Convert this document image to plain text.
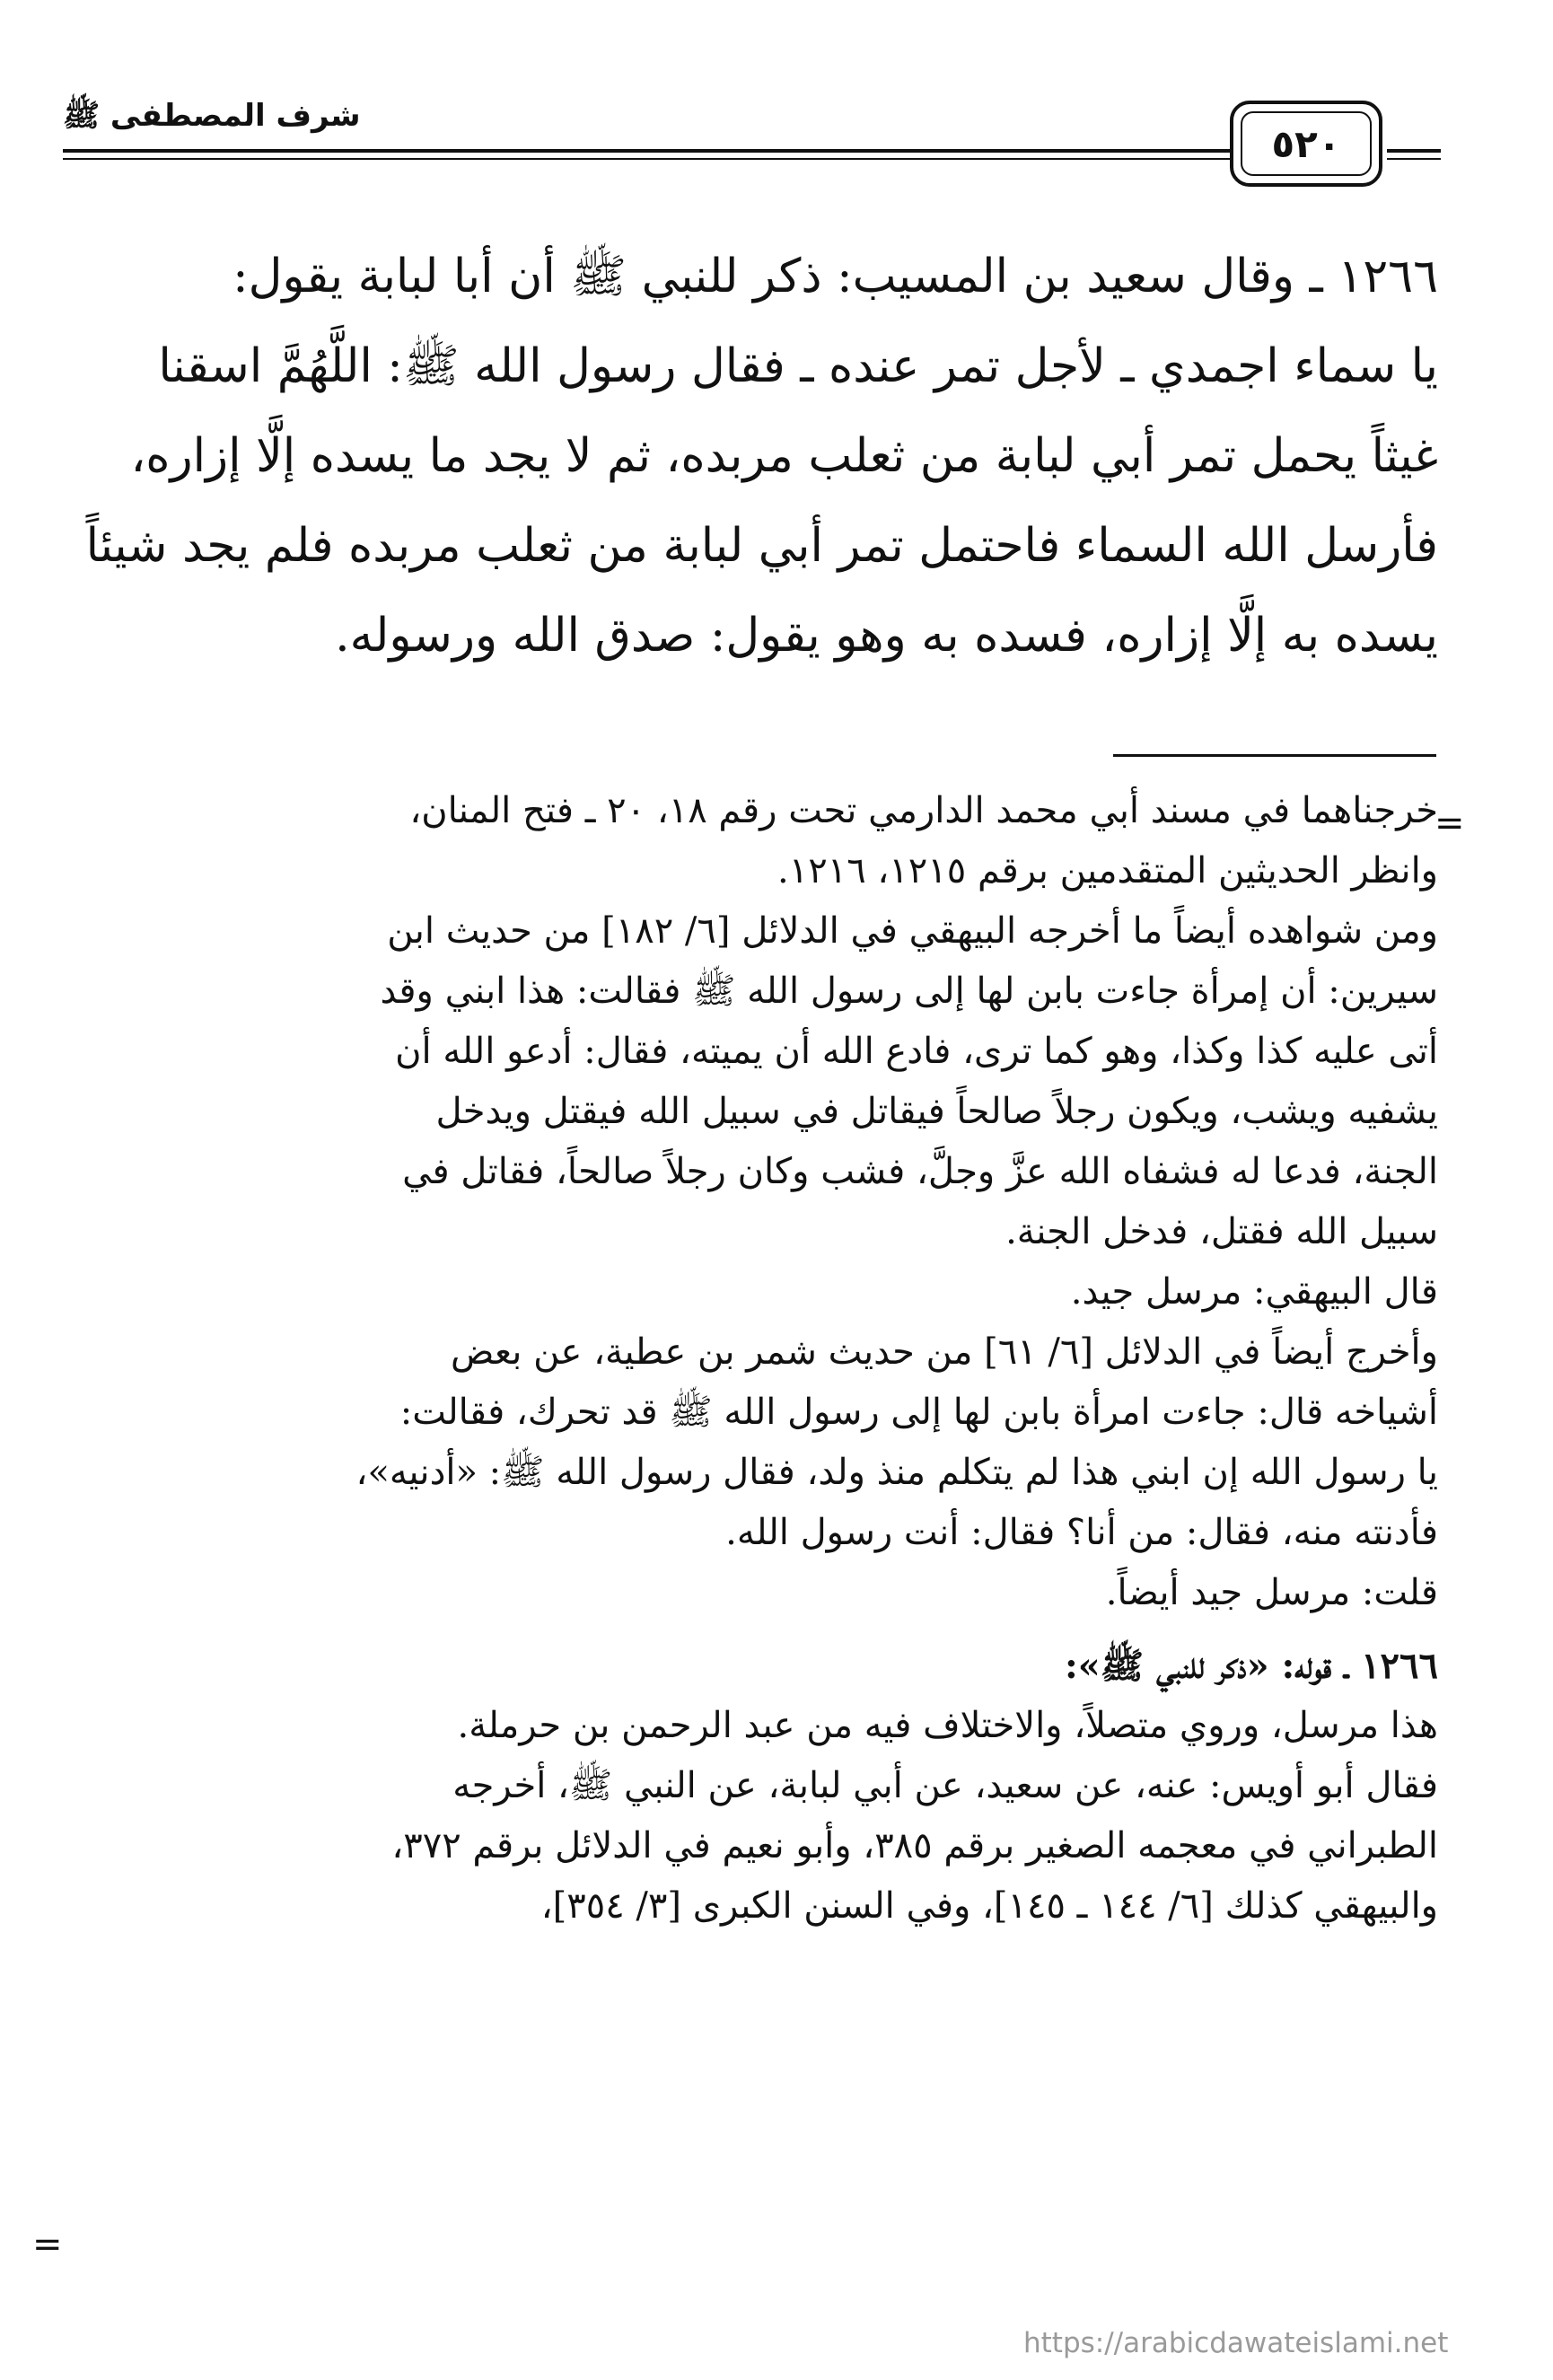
شرف المصطفى ﷺ
٥٢٠

١٢٦٦ ـ وقال سعيد بن المسيب: ذكر للنبي ﷺ أن أبا لبابة يقول:

يا سماء اجمدي ـ لأجل تمر عنده ـ فقال رسول الله ﷺ: اللَّهُمَّ اسقنا

غيثاً يحمل تمر أبي لبابة من ثعلب مربده، ثم لا يجد ما يسده إلَّا إزاره،

فأرسل الله السماء فاحتمل تمر أبي لبابة من ثعلب مربده فلم يجد شيئاً

يسده به إلَّا إزاره، فسده به وهو يقول: صدق الله ورسوله.

=

خرجناهما في مسند أبي محمد الدارمي تحت رقم ١٨، ٢٠ ـ فتح المنان،

وانظر الحديثين المتقدمين برقم ١٢١٥، ١٢١٦.

ومن شواهده أيضاً ما أخرجه البيهقي في الدلائل [٦/ ١٨٢] من حديث ابن

سيرين: أن إمرأة جاءت بابن لها إلى رسول الله ﷺ فقالت: هذا ابني وقد

أتى عليه كذا وكذا، وهو كما ترى، فادع الله أن يميته، فقال: أدعو الله أن

يشفيه ويشب، ويكون رجلاً صالحاً فيقاتل في سبيل الله فيقتل ويدخل

الجنة، فدعا له فشفاه الله عزَّ وجلَّ، فشب وكان رجلاً صالحاً، فقاتل في

سبيل الله فقتل، فدخل الجنة.

قال البيهقي: مرسل جيد.

وأخرج أيضاً في الدلائل [٦/ ٦١] من حديث شمر بن عطية، عن بعض

أشياخه قال: جاءت امرأة بابن لها إلى رسول الله ﷺ قد تحرك، فقالت:

يا رسول الله إن ابني هذا لم يتكلم منذ ولد، فقال رسول الله ﷺ: «أدنيه»،

فأدنته منه، فقال: من أنا؟ فقال: أنت رسول الله.

قلت: مرسل جيد أيضاً.

١٢٦٦ ـ قوله: «ذكر للنبي ﷺ»:

هذا مرسل، وروي متصلاً، والاختلاف فيه من عبد الرحمن بن حرملة.

فقال أبو أويس: عنه، عن سعيد، عن أبي لبابة، عن النبي ﷺ، أخرجه

الطبراني في معجمه الصغير برقم ٣٨٥، وأبو نعيم في الدلائل برقم ٣٧٢،

والبيهقي كذلك [٦/ ١٤٤ ـ ١٤٥]، وفي السنن الكبرى [٣/ ٣٥٤]،

=
https://arabicdawateislami.net
